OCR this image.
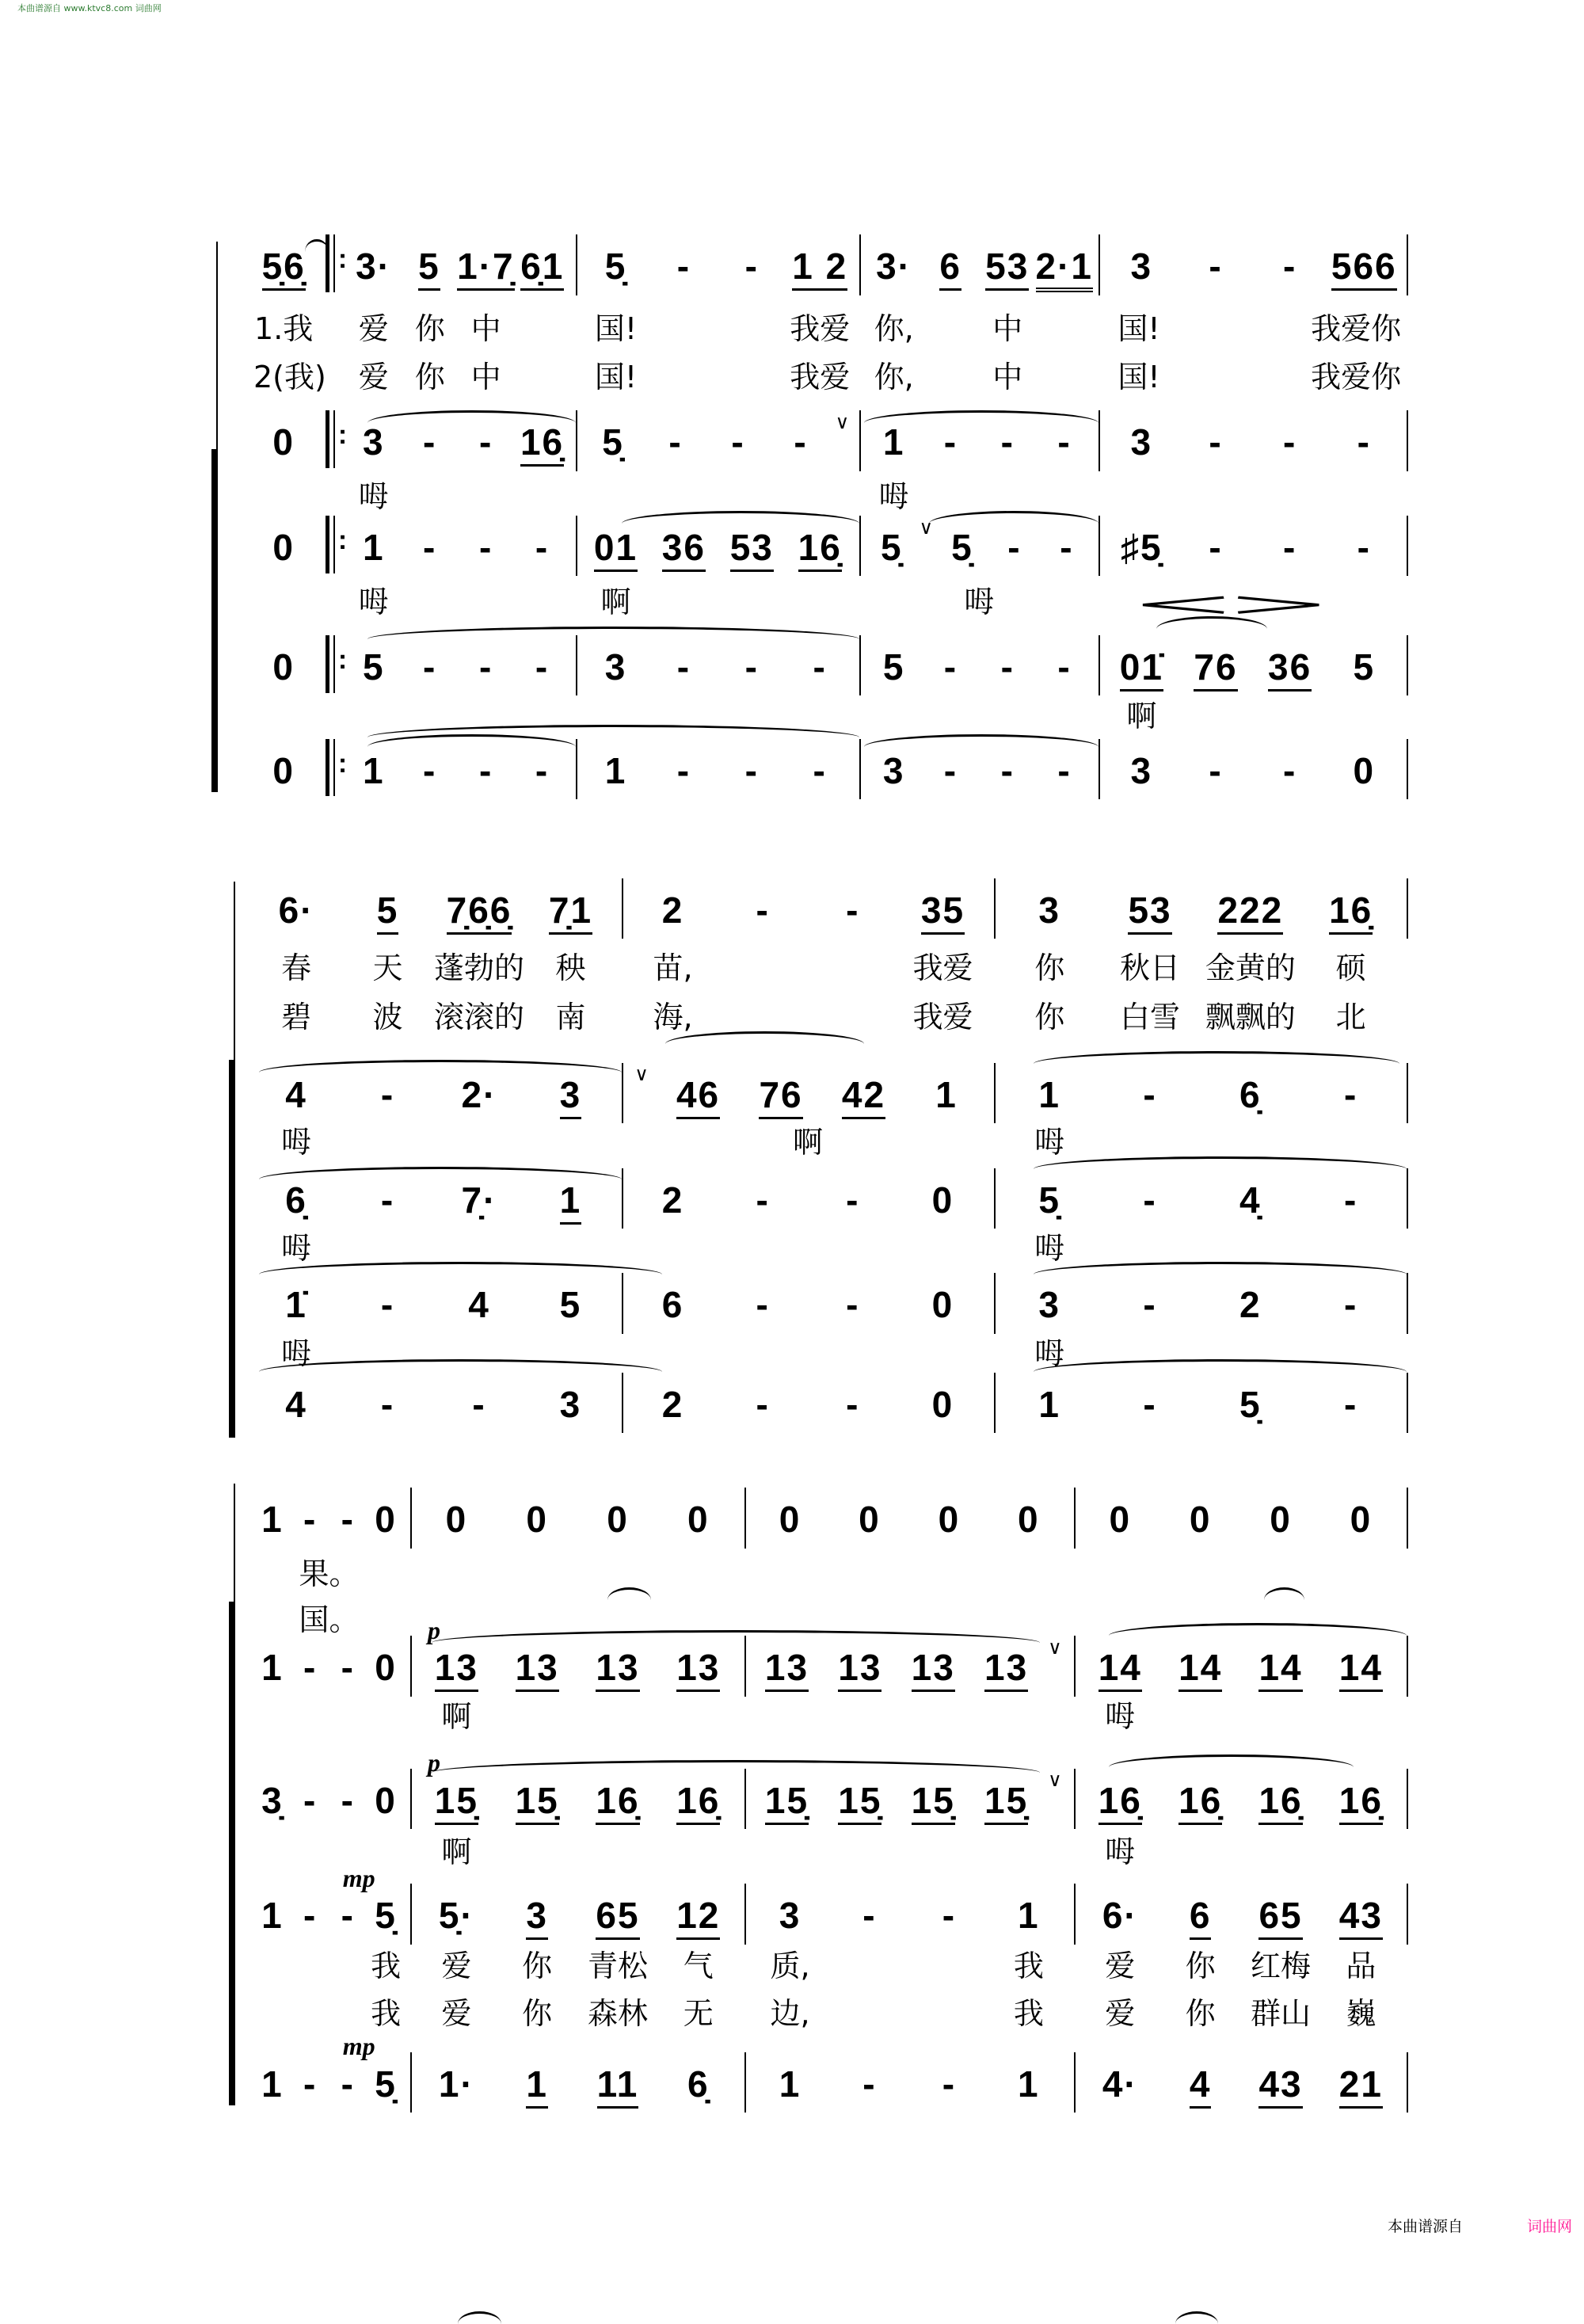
本曲谱源自 www.ktvc8.com 词曲网
本曲谱源自	词曲网
5̣6̣	: 3· 5 1·7̣ 6̣1	5̣	-	- 1 2 3· 6 53 2·1	3	-	- 566
1.我	爱 你 中	国!	我爱 你,	中	国!	我爱你
2(我)	爱 你 中	国!	我爱 你,	中	国!	我爱你
0	: 3	-	- 16̣	5̣	-	-	-	∨ 1	-	-	-	3	-	-	-
呣	呣
0	: 1	-	-	-	01 36 53 16̣	5̣ ∨ 5̣ -	-	♯5̣	-	-	-
呣	啊	呣
0	: 5	-	-	-	3	-	-	-	5	-	-	-	01̇ 76 36	5
啊
0	: 1	-	-	-	1	-	-	-	3	-	-	-	3	-	-	0
6·	5	7̣6̣6̣	7̣1	2	-	-	35	3	53	222	16̣
春	天	蓬勃的	秧	苗,	我爱	你	秋日 金黄的	硕
碧	波	滚滚的	南	海,	我爱	你	白雪 飘飘的	北
4	-	2·	3	∨ 46	76	42	1	1	-	6̣	-
呣	啊	呣
6̣	-	7̣·	1	2	-	-	0	5̣	-	4̣	-
呣	呣
1̇	-	4	5	6	-	-	0	3	-	2	-
呣	呣
4	-	-	3	2	-	-	0	1	-	5̣	-
1 - - 0	0	0	0	0	0	0	0	0	0	0	0	0
果。
国。
1 - - 0	13	13	13	13	13 13 13 13	∨ 14	14	14	14
p
啊	呣
3̣ - - 0	15̣	15̣	16̣	16̣	15̣ 15̣ 15̣ 15̣	∨ 16̣	16̣	16̣	16̣
p
啊	呣
1 - - 5̣	5̣·	3	65	12	3	-	-	1	6·	6	65	43
mp
我	爱	你	青松	气	质,	我	爱	你	红梅	品
我	爱	你	森林	无	边,	我	爱	你	群山	巍
1 - - 5̣	1·	1	11	6̣	1	-	-	1	4·	4	43	21
mp
